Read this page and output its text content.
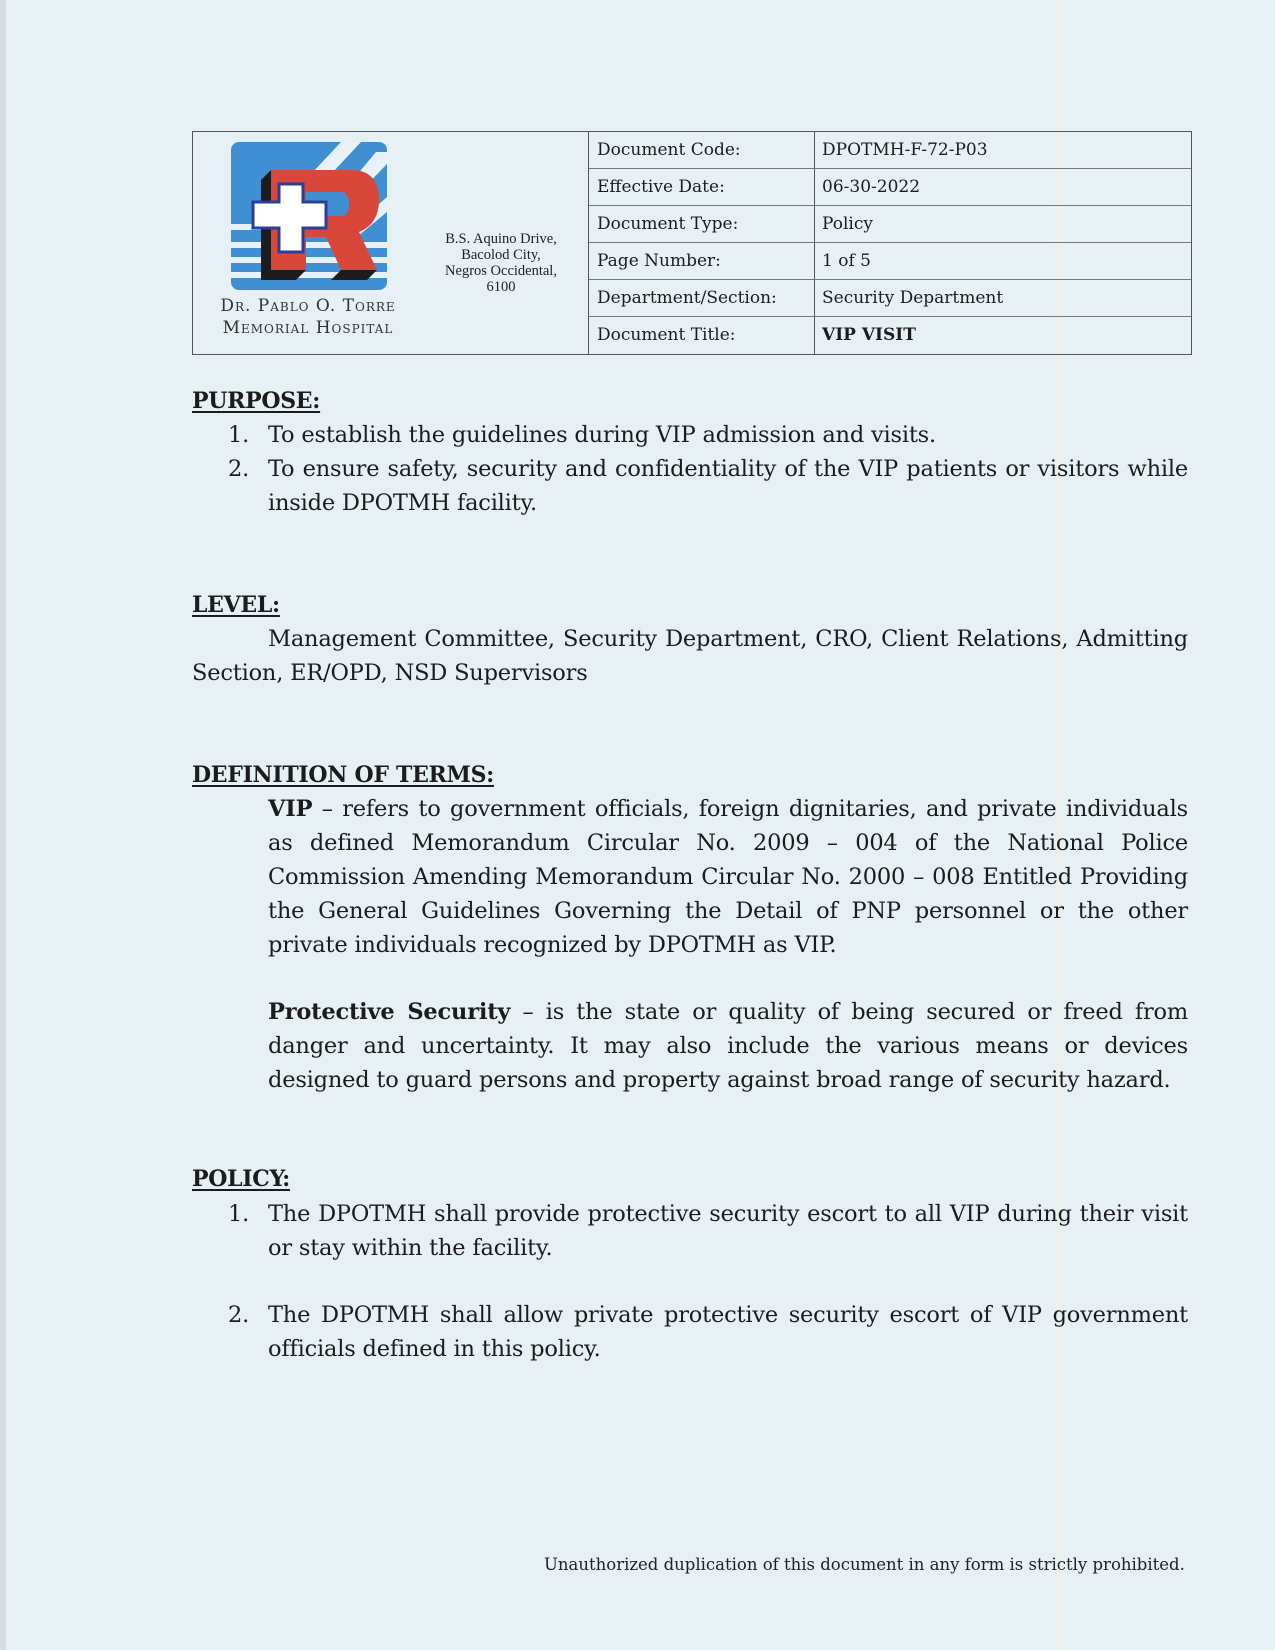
Dr. Pablo O. Torre
Memorial Hospital
B.S. Aquino Drive,
Bacolod City,
Negros Occidental,
6100
Document Code:	DPOTMH-F-72-P03
Effective Date:	06-30-2022
Document Type:	Policy
Page Number:	1 of 5
Department/Section:	Security Department
Document Title:	VIP VISIT
PURPOSE:
1. To establish the guidelines during VIP admission and visits.
2. To ensure safety, security and confidentiality of the VIP patients or visitors while inside DPOTMH facility.
LEVEL:
Management Committee, Security Department, CRO, Client Relations, Admitting Section, ER/OPD, NSD Supervisors
DEFINITION OF TERMS:
VIP – refers to government officials, foreign dignitaries, and private individuals as defined Memorandum Circular No. 2009 – 004 of the National Police Commission Amending Memorandum Circular No. 2000 – 008 Entitled Providing the General Guidelines Governing the Detail of PNP personnel or the other private individuals recognized by DPOTMH as VIP.
Protective Security – is the state or quality of being secured or freed from danger and uncertainty. It may also include the various means or devices designed to guard persons and property against broad range of security hazard.
POLICY:
1. The DPOTMH shall provide protective security escort to all VIP during their visit or stay within the facility.
2. The DPOTMH shall allow private protective security escort of VIP government officials defined in this policy.
Unauthorized duplication of this document in any form is strictly prohibited.
